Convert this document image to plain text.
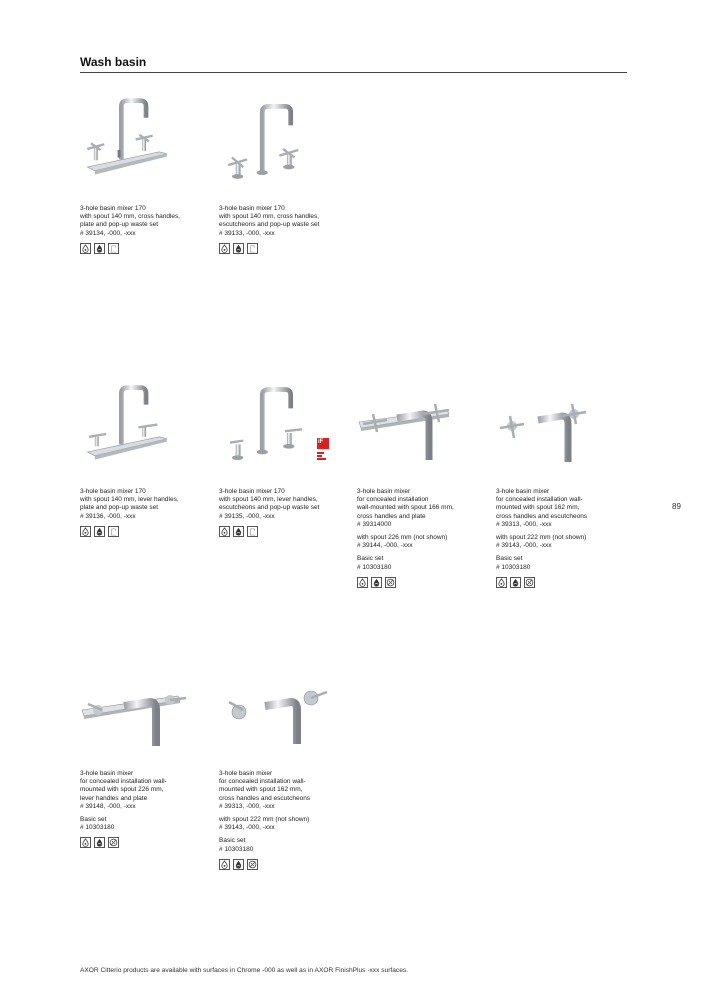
Wash basin
3-hole basin mixer 170
with spout 140 mm, cross handles,
plate and pop-up waste set
# 39134, -000, -xxx
3-hole basin mixer 170
with spout 140 mm, cross handles,
escutcheons and pop-up waste set
# 39133, -000, -xxx
3-hole basin mixer 170
with spout 140 mm, lever handles,
plate and pop-up waste set
# 39136, -000, -xxx
iF
3-hole basin mixer 170
with spout 140 mm, lever handles,
escutcheons and pop-up waste set
# 39135, -000, -xxx
3-hole basin mixer
for concealed installation
wall-mounted with spout 166 mm,
cross handles and plate
# 39314000
with spout 226 mm (not shown)
# 39144, -000, -xxx
Basic set
# 10303180
3-hole basin mixer
for concealed installation wall-
mounted with spout 162 mm,
cross handles and escutcheons
# 39313, -000, -xxx
with spout 222 mm (not shown)
# 39143, -000, -xxx
Basic set
# 10303180
3-hole basin mixer
for concealed installation wall-
mounted with spout 226 mm,
lever handles and plate
# 39148, -000, -xxx
Basic set
# 10303180
3-hole basin mixer
for concealed installation wall-
mounted with spout 162 mm,
cross handles and escutcheons
# 39313, -000, -xxx
with spout 222 mm (not shown)
# 39143, -000, -xxx
Basic set
# 10303180
89
AXOR Citterio products are available with surfaces in Chrome -000 as well as in AXOR FinishPlus -xxx surfaces.
